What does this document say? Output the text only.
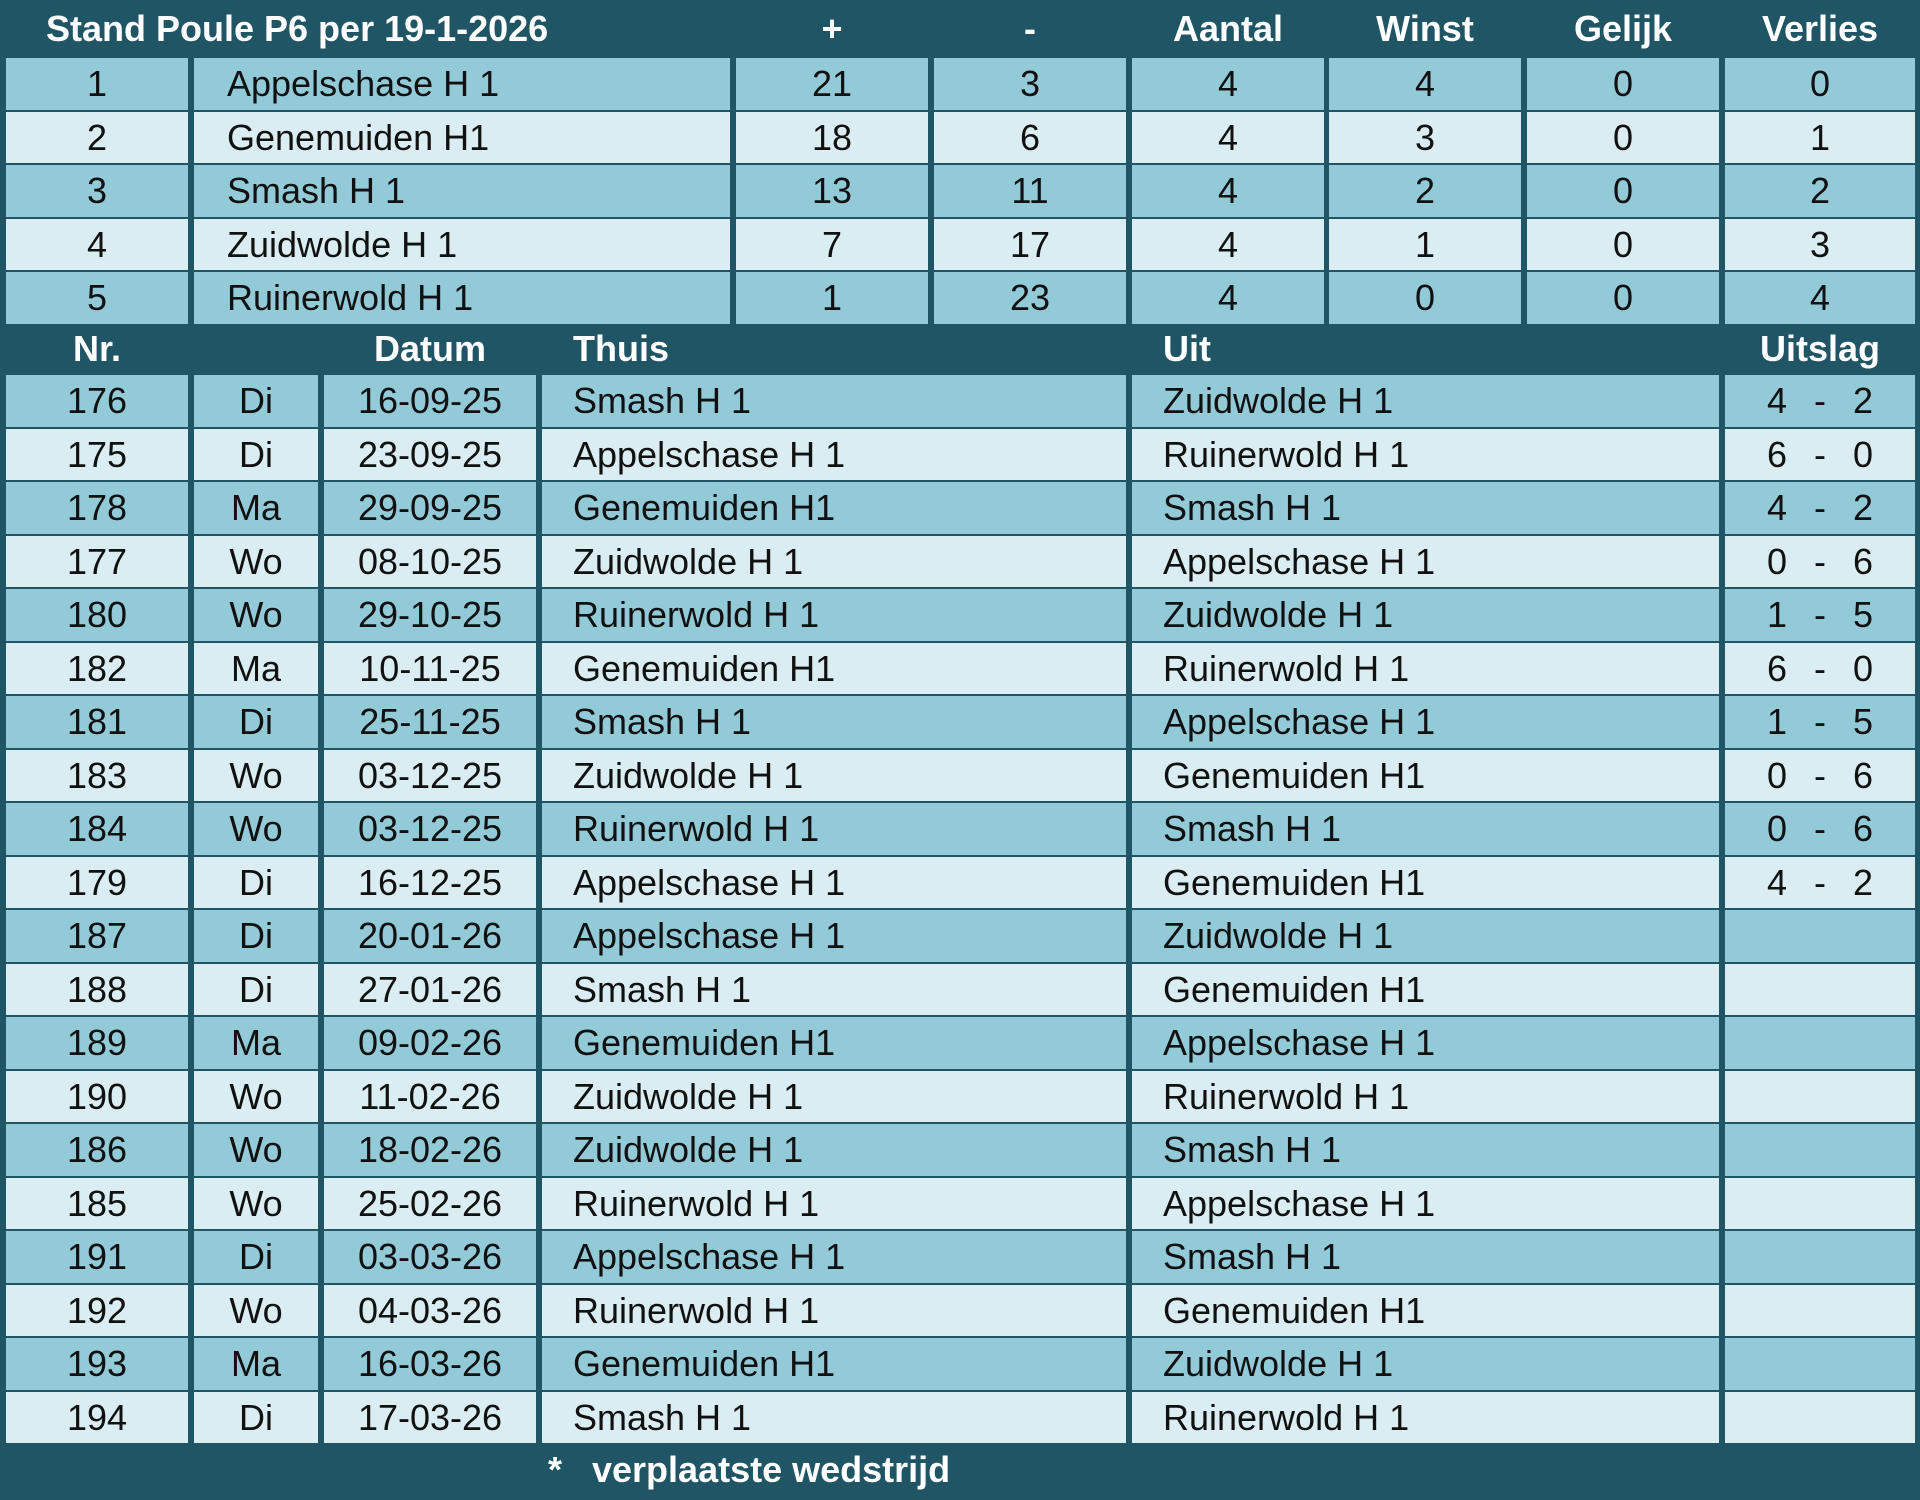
Stand Poule P6 per 19-1-2026	+	-	Aantal	Winst	Gelijk	Verlies
1	Appelschase H 1	21	3	4	4	0	0
2	Genemuiden H1	18	6	4	3	0	1
3	Smash H 1	13	11	4	2	0	2
4	Zuidwolde H 1	7	17	4	1	0	3
5	Ruinerwold H 1	1	23	4	0	0	4
Nr.	Datum	Thuis	Uit	Uitslag
176	Di	16-09-25	Smash H 1	Zuidwolde H 1	4 - 2
175	Di	23-09-25	Appelschase H 1	Ruinerwold H 1	6 - 0
178	Ma	29-09-25	Genemuiden H1	Smash H 1	4 - 2
177	Wo	08-10-25	Zuidwolde H 1	Appelschase H 1	0 - 6
180	Wo	29-10-25	Ruinerwold H 1	Zuidwolde H 1	1 - 5
182	Ma	10-11-25	Genemuiden H1	Ruinerwold H 1	6 - 0
181	Di	25-11-25	Smash H 1	Appelschase H 1	1 - 5
183	Wo	03-12-25	Zuidwolde H 1	Genemuiden H1	0 - 6
184	Wo	03-12-25	Ruinerwold H 1	Smash H 1	0 - 6
179	Di	16-12-25	Appelschase H 1	Genemuiden H1	4 - 2
187	Di	20-01-26	Appelschase H 1	Zuidwolde H 1
188	Di	27-01-26	Smash H 1	Genemuiden H1
189	Ma	09-02-26	Genemuiden H1	Appelschase H 1
190	Wo	11-02-26	Zuidwolde H 1	Ruinerwold H 1
186	Wo	18-02-26	Zuidwolde H 1	Smash H 1
185	Wo	25-02-26	Ruinerwold H 1	Appelschase H 1
191	Di	03-03-26	Appelschase H 1	Smash H 1
192	Wo	04-03-26	Ruinerwold H 1	Genemuiden H1
193	Ma	16-03-26	Genemuiden H1	Zuidwolde H 1
194	Di	17-03-26	Smash H 1	Ruinerwold H 1
* verplaatste wedstrijd
